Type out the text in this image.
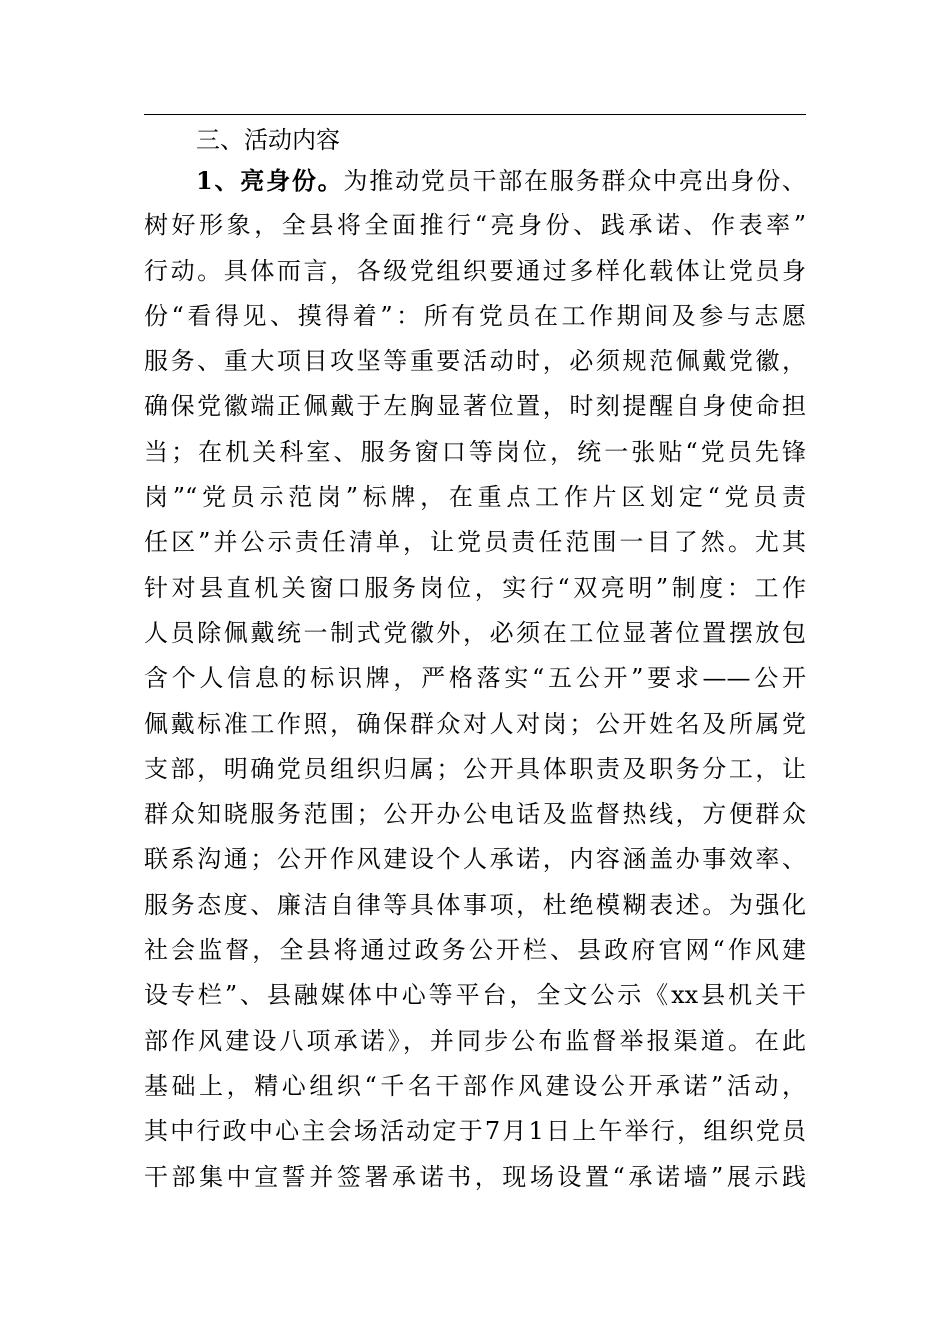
三、活动内容
1、亮身份。为推动党员干部在服务群众中亮出身份、
树好形象，全县将全面推行“亮身份、践承诺、作表率”
行动。具体而言，各级党组织要通过多样化载体让党员身
份“看得见、摸得着”：所有党员在工作期间及参与志愿
服务、重大项目攻坚等重要活动时，必须规范佩戴党徽，
确保党徽端正佩戴于左胸显著位置，时刻提醒自身使命担
当；在机关科室、服务窗口等岗位，统一张贴“党员先锋
岗”“党员示范岗”标牌，在重点工作片区划定“党员责
任区”并公示责任清单，让党员责任范围一目了然。尤其
针对县直机关窗口服务岗位，实行“双亮明”制度：工作
人员除佩戴统一制式党徽外，必须在工位显著位置摆放包
含个人信息的标识牌，严格落实“五公开”要求——公开
佩戴标准工作照，确保群众对人对岗；公开姓名及所属党
支部，明确党员组织归属；公开具体职责及职务分工，让
群众知晓服务范围；公开办公电话及监督热线，方便群众
联系沟通；公开作风建设个人承诺，内容涵盖办事效率、
服务态度、廉洁自律等具体事项，杜绝模糊表述。为强化
社会监督，全县将通过政务公开栏、县政府官网“作风建
设专栏”、县融媒体中心等平台，全文公示《xx县机关干
部作风建设八项承诺》，并同步公布监督举报渠道。在此
基础上，精心组织“千名干部作风建设公开承诺”活动，
其中行政中心主会场活动定于7月1日上午举行，组织党员
干部集中宣誓并签署承诺书，现场设置“承诺墙”展示践
